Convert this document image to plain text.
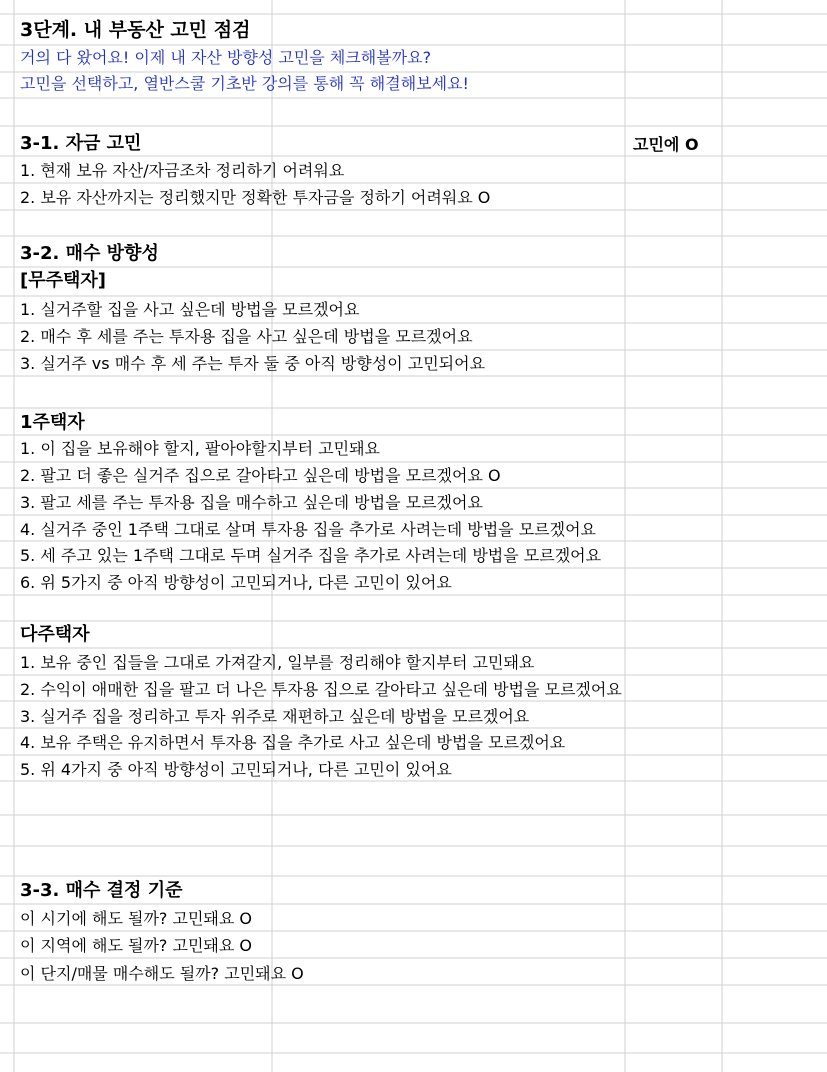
3단계. 내 부동산 고민 점검
거의 다 왔어요! 이제 내 자산 방향성 고민을 체크해볼까요?
고민을 선택하고, 열반스쿨 기초반 강의를 통해 꼭 해결해보세요!
3-1. 자금 고민	고민에 O
1. 현재 보유 자산/자금조차 정리하기 어려워요
2. 보유 자산까지는 정리했지만 정확한 투자금을 정하기 어려워요 O
3-2. 매수 방향성
[무주택자]
1. 실거주할 집을 사고 싶은데 방법을 모르겠어요
2. 매수 후 세를 주는 투자용 집을 사고 싶은데 방법을 모르겠어요
3. 실거주 vs 매수 후 세 주는 투자 둘 중 아직 방향성이 고민되어요
1주택자
1. 이 집을 보유해야 할지, 팔아야할지부터 고민돼요
2. 팔고 더 좋은 실거주 집으로 갈아타고 싶은데 방법을 모르겠어요 O
3. 팔고 세를 주는 투자용 집을 매수하고 싶은데 방법을 모르겠어요
4. 실거주 중인 1주택 그대로 살며 투자용 집을 추가로 사려는데 방법을 모르겠어요
5. 세 주고 있는 1주택 그대로 두며 실거주 집을 추가로 사려는데 방법을 모르겠어요
6. 위 5가지 중 아직 방향성이 고민되거나, 다른 고민이 있어요
다주택자
1. 보유 중인 집들을 그대로 가져갈지, 일부를 정리해야 할지부터 고민돼요
2. 수익이 애매한 집을 팔고 더 나은 투자용 집으로 갈아타고 싶은데 방법을 모르겠어요
3. 실거주 집을 정리하고 투자 위주로 재편하고 싶은데 방법을 모르겠어요
4. 보유 주택은 유지하면서 투자용 집을 추가로 사고 싶은데 방법을 모르겠어요
5. 위 4가지 중 아직 방향성이 고민되거나, 다른 고민이 있어요
3-3. 매수 결정 기준
이 시기에 해도 될까? 고민돼요 O
이 지역에 해도 될까? 고민돼요 O
이 단지/매물 매수해도 될까? 고민돼요 O
